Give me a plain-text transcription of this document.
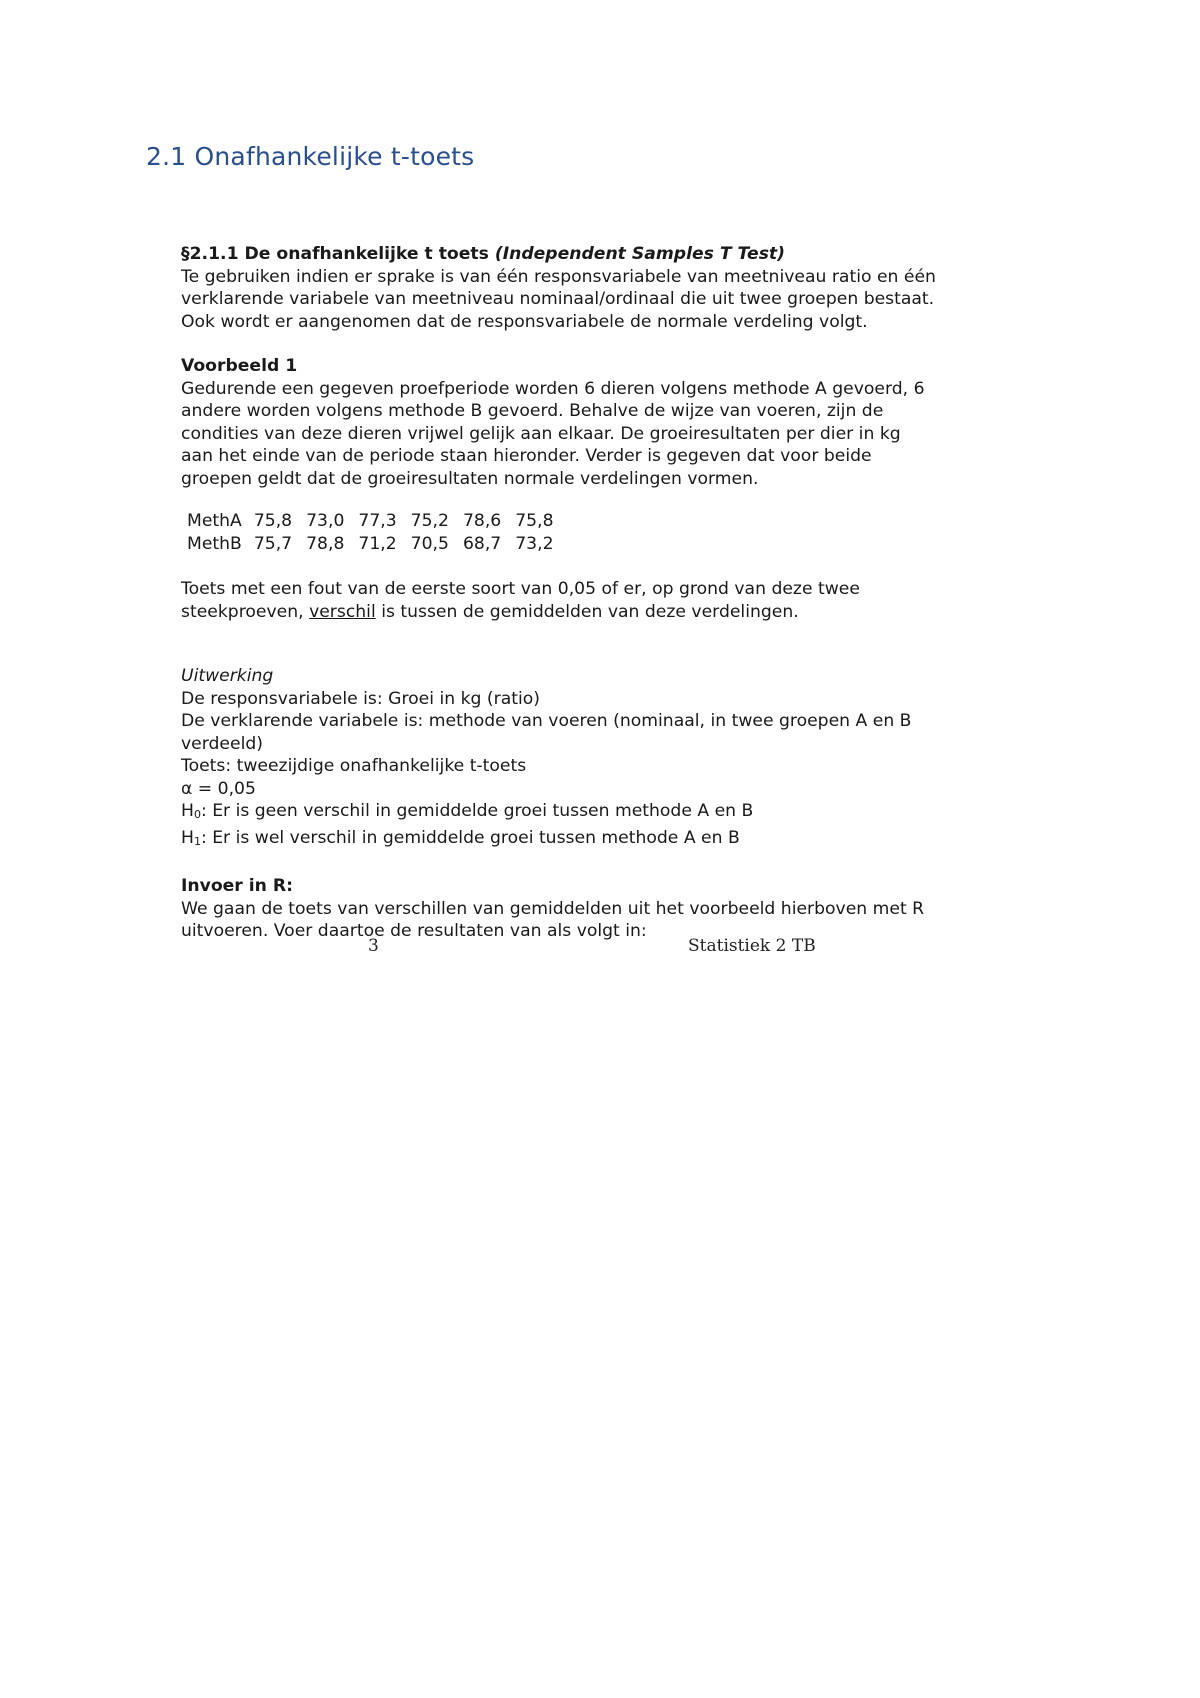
2.1 Onafhankelijke t-toets

§2.1.1 De onafhankelijke t toets (Independent Samples T Test)

Te gebruiken indien er sprake is van één responsvariabele van meetniveau ratio en één

verklarende variabele van meetniveau nominaal/ordinaal die uit twee groepen bestaat.

Ook wordt er aangenomen dat de responsvariabele de normale verdeling volgt.

Voorbeeld 1

Gedurende een gegeven proefperiode worden 6 dieren volgens methode A gevoerd, 6

andere worden volgens methode B gevoerd. Behalve de wijze van voeren, zijn de

condities van deze dieren vrijwel gelijk aan elkaar. De groeiresultaten per dier in kg

aan het einde van de periode staan hieronder. Verder is gegeven dat voor beide

groepen geldt dat de groeiresultaten normale verdelingen vormen.

MethA	75,8	73,0	77,3	75,2	78,6	75,8
MethB	75,7	78,8	71,2	70,5	68,7	73,2

Toets met een fout van de eerste soort van 0,05 of er, op grond van deze twee

steekproeven, verschil is tussen de gemiddelden van deze verdelingen.

Uitwerking

De responsvariabele is: Groei in kg (ratio)

De verklarende variabele is: methode van voeren (nominaal, in twee groepen A en B

verdeeld)

Toets: tweezijdige onafhankelijke t-toets

α = 0,05

H0: Er is geen verschil in gemiddelde groei tussen methode A en B

H1: Er is wel verschil in gemiddelde groei tussen methode A en B

Invoer in R:

We gaan de toets van verschillen van gemiddelden uit het voorbeeld hierboven met R

uitvoeren. Voer daartoe de resultaten van als volgt in:

3	Statistiek 2 TB
